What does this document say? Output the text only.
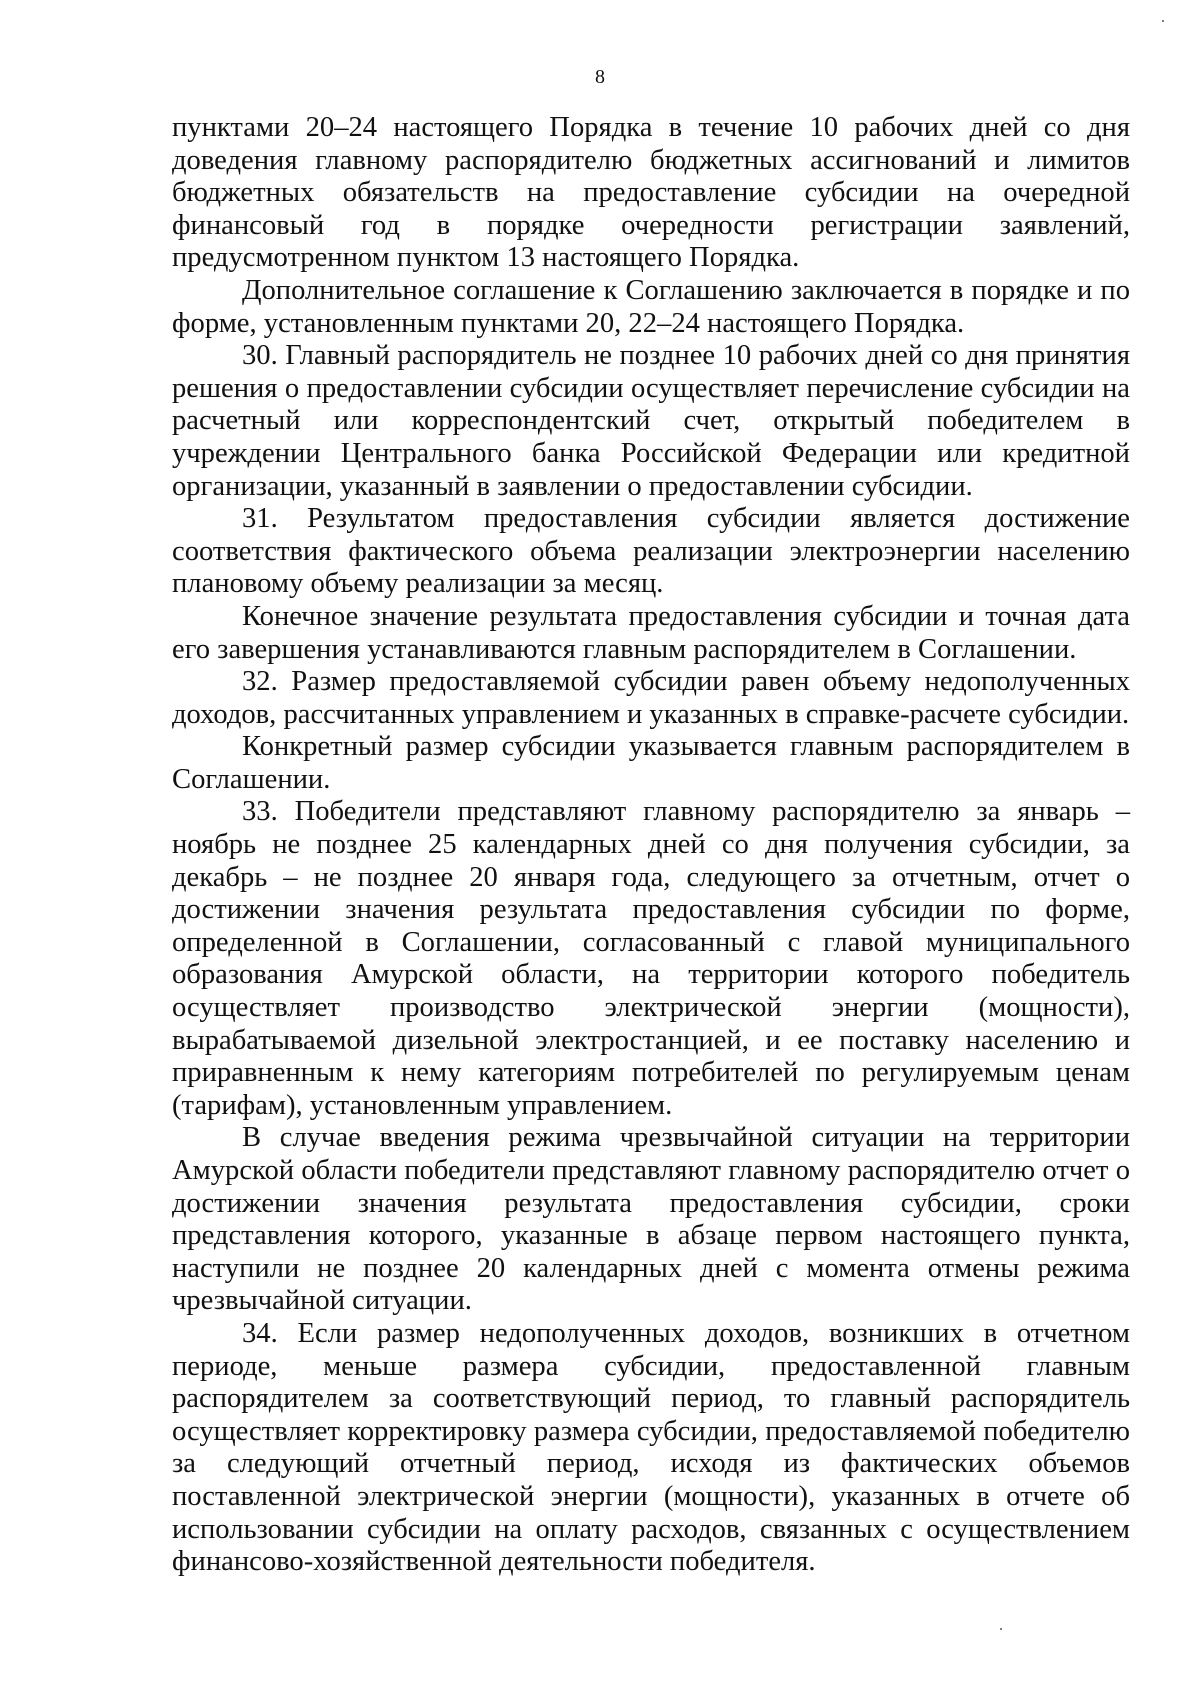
8

пунктами 20–24 настоящего Порядка в течение 10 рабочих дней со дня доведения главному распорядителю бюджетных ассигнований и лимитов бюджетных обязательств на предоставление субсидии на очередной финансовый год в порядке очередности регистрации заявлений, предусмотренном пунктом 13 настоящего Порядка.

Дополнительное соглашение к Соглашению заключается в порядке и по форме, установленным пунктами 20, 22–24 настоящего Порядка.

30. Главный распорядитель не позднее 10 рабочих дней со дня принятия решения о предоставлении субсидии осуществляет перечисление субсидии на расчетный или корреспондентский счет, открытый победителем в учреждении Центрального банка Российской Федерации или кредитной организации, указанный в заявлении о предоставлении субсидии.

31. Результатом предоставления субсидии является достижение соответствия фактического объема реализации электроэнергии населению плановому объему реализации за месяц.

Конечное значение результата предоставления субсидии и точная дата его завершения устанавливаются главным распорядителем в Соглашении.

32. Размер предоставляемой субсидии равен объему недополученных доходов, рассчитанных управлением и указанных в справке-расчете субсидии.

Конкретный размер субсидии указывается главным распорядителем в Соглашении.

33. Победители представляют главному распорядителю за январь – ноябрь не позднее 25 календарных дней со дня получения субсидии, за декабрь – не позднее 20 января года, следующего за отчетным, отчет о достижении значения результата предоставления субсидии по форме, определенной в Соглашении, согласованный с главой муниципального образования Амурской области, на территории которого победитель осуществляет производство электрической энергии (мощности), вырабатываемой дизельной электростанцией, и ее поставку населению и приравненным к нему категориям потребителей по регулируемым ценам (тарифам), установленным управлением.

В случае введения режима чрезвычайной ситуации на территории Амурской области победители представляют главному распорядителю отчет о достижении значения результата предоставления субсидии, сроки представления которого, указанные в абзаце первом настоящего пункта, наступили не позднее 20 календарных дней с момента отмены режима чрезвычайной ситуации.

34. Если размер недополученных доходов, возникших в отчетном периоде, меньше размера субсидии, предоставленной главным распорядителем за соответствующий период, то главный распорядитель осуществляет корректировку размера субсидии, предоставляемой победителю за следующий отчетный период, исходя из фактических объемов поставленной электрической энергии (мощности), указанных в отчете об использовании субсидии на оплату расходов, связанных с осуществлением финансово-хозяйственной деятельности победителя.
